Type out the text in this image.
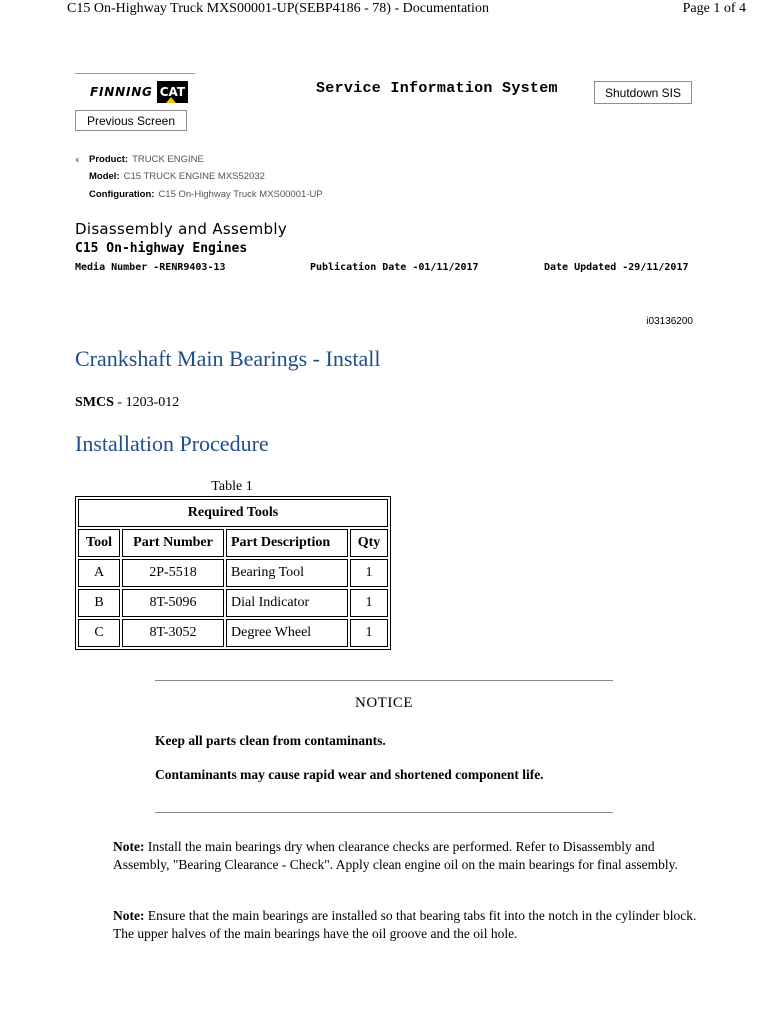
C15 On-Highway Truck MXS00001-UP(SEBP4186 - 78) - Documentation	Page 1 of 4
FINNING CAT	Service Information System	Shutdown SIS
Previous Screen
‹ Product: TRUCK ENGINE
Model: C15 TRUCK ENGINE MXS52032
Configuration: C15 On-Highway Truck MXS00001-UP
Disassembly and Assembly
C15 On-highway Engines
Media Number -RENR9403-13	Publication Date -01/11/2017	Date Updated -29/11/2017
i03136200
Crankshaft Main Bearings - Install
SMCS - 1203-012
Installation Procedure
Table 1
Required Tools			
Tool	Part Number	Part Description	Qty
A	2P-5518	Bearing Tool	1
B	8T-5096	Dial Indicator	1
C	8T-3052	Degree Wheel	1
NOTICE
Keep all parts clean from contaminants.
Contaminants may cause rapid wear and shortened component life.
Note: Install the main bearings dry when clearance checks are performed. Refer to Disassembly and Assembly, "Bearing Clearance - Check". Apply clean engine oil on the main bearings for final assembly.
Note: Ensure that the main bearings are installed so that bearing tabs fit into the notch in the cylinder block. The upper halves of the main bearings have the oil groove and the oil hole.
